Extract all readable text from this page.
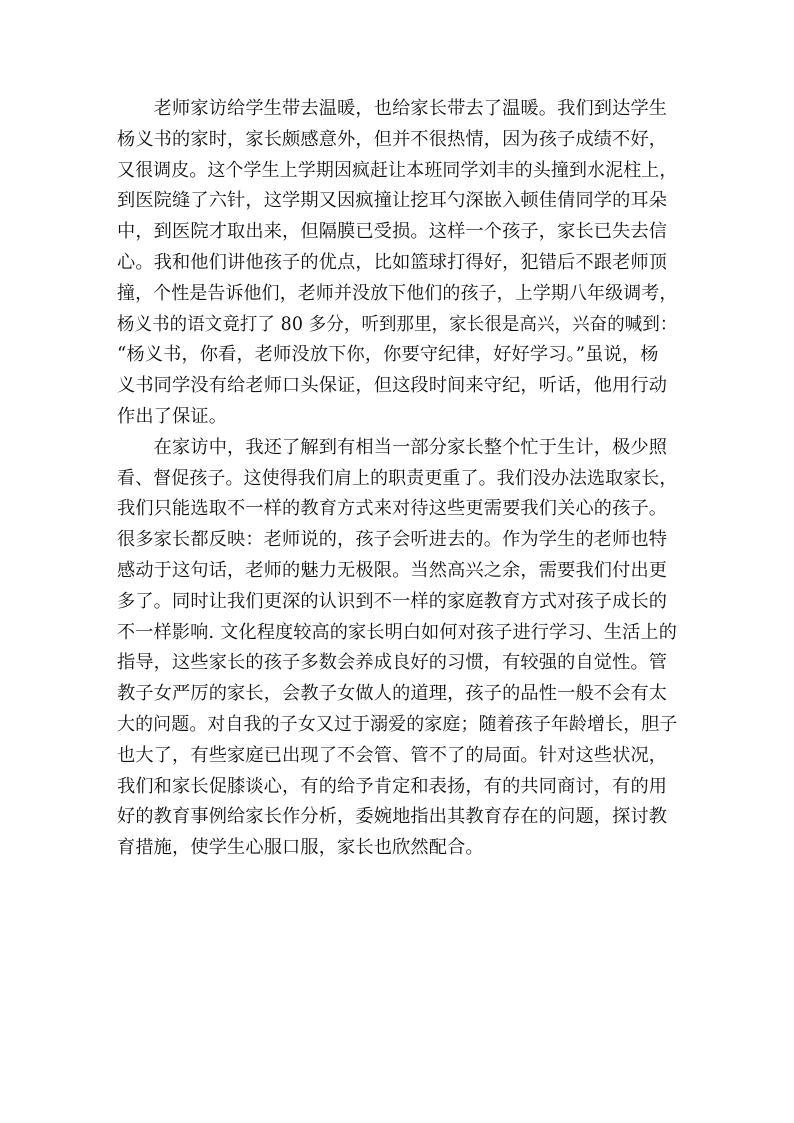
　　老师家访给学生带去温暖，也给家长带去了温暖。我们到达学生
杨义书的家时，家长颇感意外，但并不很热情，因为孩子成绩不好，
又很调皮。这个学生上学期因疯赶让本班同学刘丰的头撞到水泥柱上，
到医院缝了六针，这学期又因疯撞让挖耳勺深嵌入顿佳倩同学的耳朵
中，到医院才取出来，但隔膜已受损。这样一个孩子，家长已失去信
心。我和他们讲他孩子的优点，比如篮球打得好，犯错后不跟老师顶
撞，个性是告诉他们，老师并没放下他们的孩子，上学期八年级调考，
杨义书的语文竟打了 80 多分，听到那里，家长很是高兴，兴奋的喊到：
“杨义书，你看，老师没放下你，你要守纪律，好好学习。”虽说，杨
义书同学没有给老师口头保证，但这段时间来守纪，听话，他用行动
作出了保证。
　　在家访中，我还了解到有相当一部分家长整个忙于生计，极少照
看、督促孩子。这使得我们肩上的职责更重了。我们没办法选取家长，
我们只能选取不一样的教育方式来对待这些更需要我们关心的孩子。
很多家长都反映：老师说的，孩子会听进去的。作为学生的老师也特
感动于这句话，老师的魅力无极限。当然高兴之余，需要我们付出更
多了。同时让我们更深的认识到不一样的家庭教育方式对孩子成长的
不一样影响. 文化程度较高的家长明白如何对孩子进行学习、生活上的
指导，这些家长的孩子多数会养成良好的习惯，有较强的自觉性。管
教子女严厉的家长，会教子女做人的道理，孩子的品性一般不会有太
大的问题。对自我的子女又过于溺爱的家庭；随着孩子年龄增长，胆子
也大了，有些家庭已出现了不会管、管不了的局面。针对这些状况，
我们和家长促膝谈心，有的给予肯定和表扬，有的共同商讨，有的用
好的教育事例给家长作分析，委婉地指出其教育存在的问题，探讨教
育措施，使学生心服口服，家长也欣然配合。
